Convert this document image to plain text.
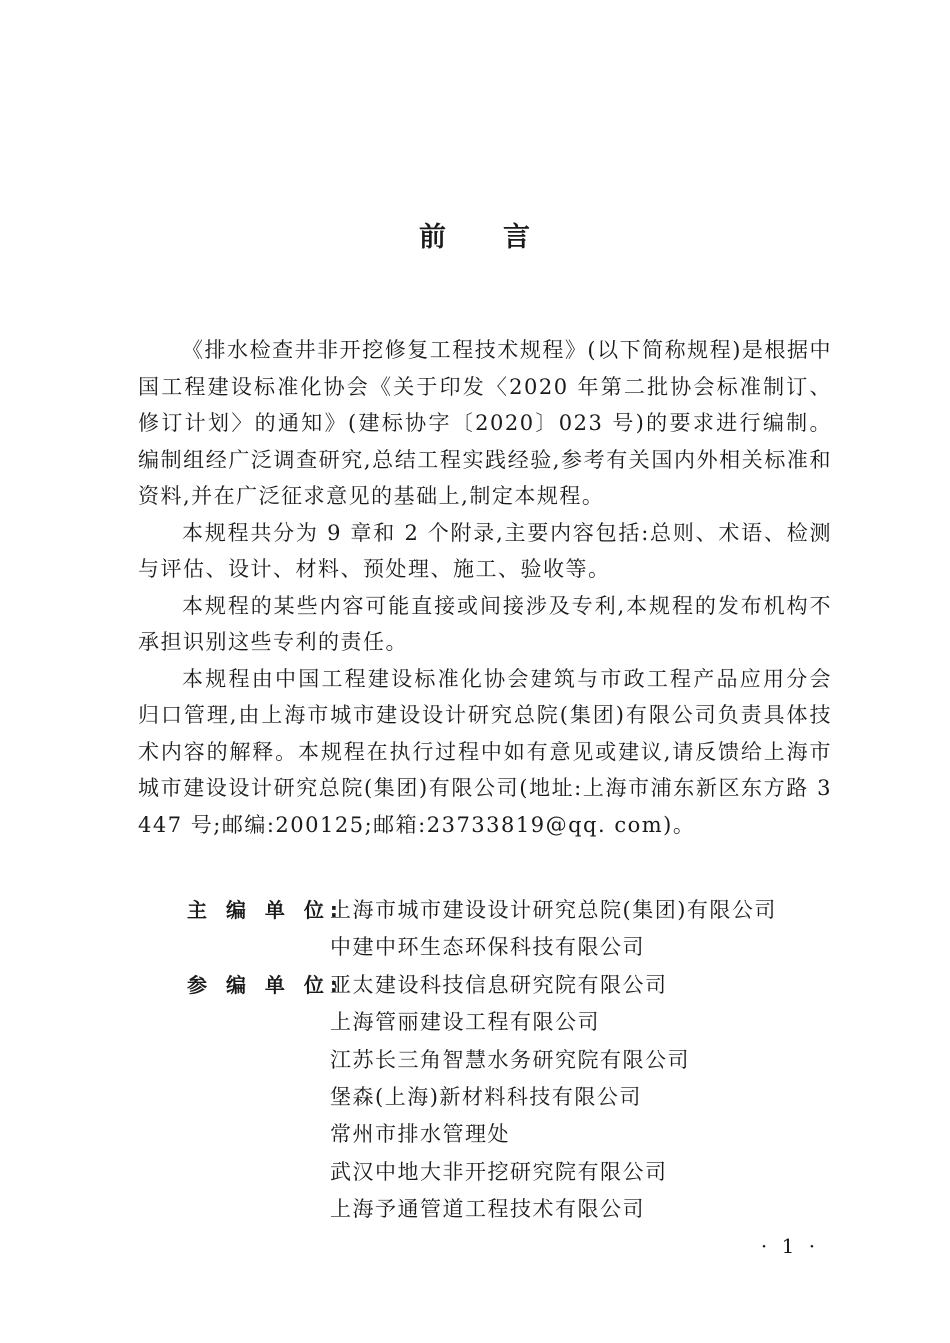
前 言

《排水检查井非开挖修复工程技术规程》(以下简称规程)是根据中国工程建设标准化协会《关于印发〈2020 年第二批协会标准制订、修订计划〉的通知》(建标协字〔2020〕023 号)的要求进行编制。编制组经广泛调查研究,总结工程实践经验,参考有关国内外相关标准和资料,并在广泛征求意见的基础上,制定本规程。

本规程共分为 9 章和 2 个附录,主要内容包括:总则、术语、检测与评估、设计、材料、预处理、施工、验收等。

本规程的某些内容可能直接或间接涉及专利,本规程的发布机构不承担识别这些专利的责任。

本规程由中国工程建设标准化协会建筑与市政工程产品应用分会归口管理,由上海市城市建设设计研究总院(集团)有限公司负责具体技术内容的解释。本规程在执行过程中如有意见或建议,请反馈给上海市城市建设设计研究总院(集团)有限公司(地址:上海市浦东新区东方路 3447 号;邮编:200125;邮箱:23733819@qq. com)。

主 编 单 位:
上海市城市建设设计研究总院(集团)有限公司
中建中环生态环保科技有限公司
参 编 单 位:
亚太建设科技信息研究院有限公司
上海管丽建设工程有限公司
江苏长三角智慧水务研究院有限公司
堡森(上海)新材料科技有限公司
常州市排水管理处
武汉中地大非开挖研究院有限公司
上海予通管道工程技术有限公司
· 1 ·
